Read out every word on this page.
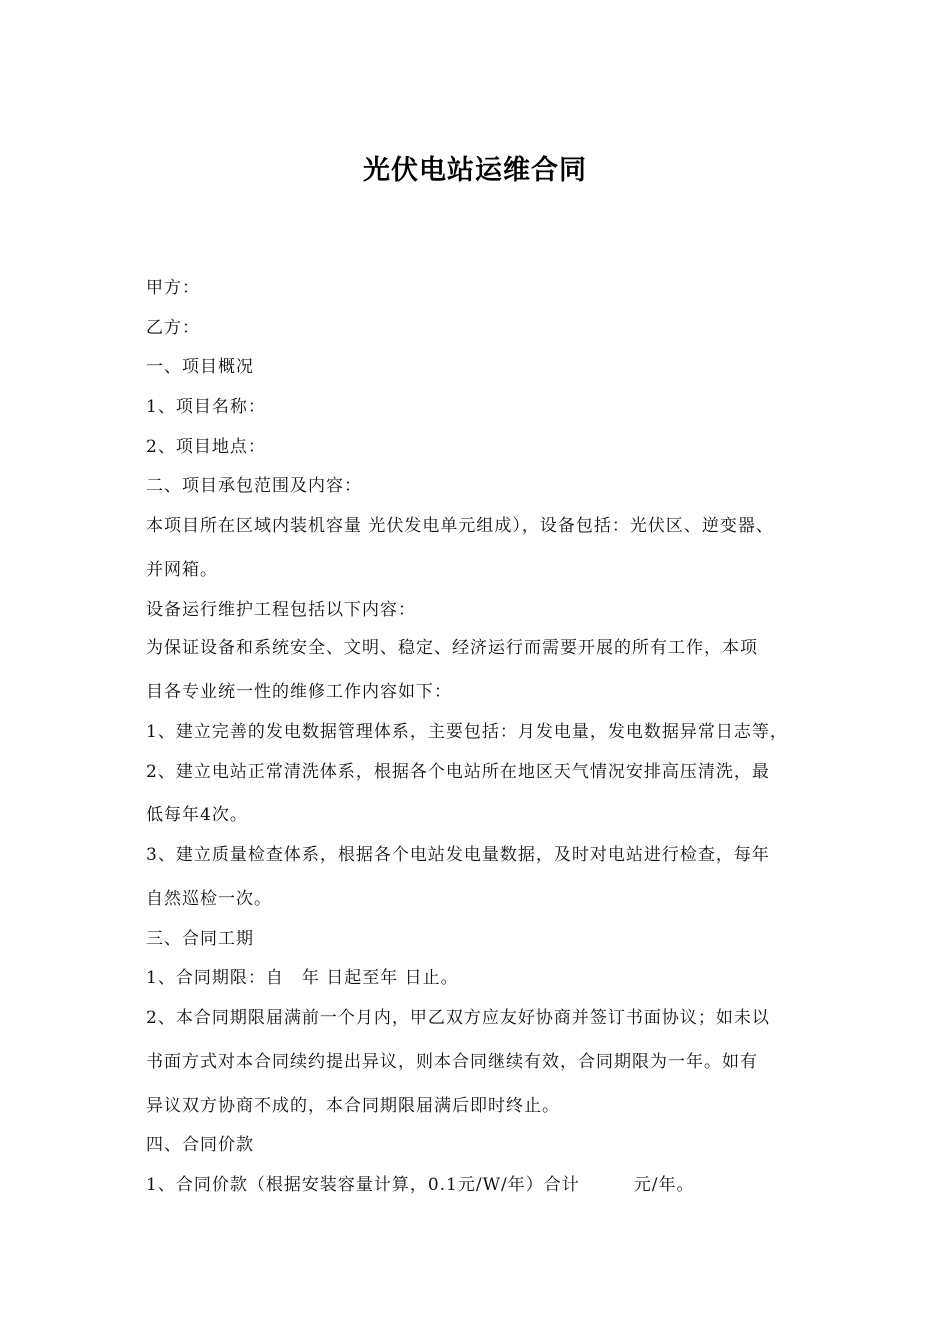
光伏电站运维合同
甲方：
乙方：
一、项目概况
1、项目名称：
2、项目地点：
二、项目承包范围及内容：
本项目所在区域内装机容量 光伏发电单元组成），设备包括：光伏区、逆变器、
并网箱。
设备运行维护工程包括以下内容：
为保证设备和系统安全、文明、稳定、经济运行而需要开展的所有工作，本项
目各专业统一性的维修工作内容如下：
1、建立完善的发电数据管理体系，主要包括：月发电量，发电数据异常日志等，
2、建立电站正常清洗体系，根据各个电站所在地区天气情况安排高压清洗，最
低每年4次。
3、建立质量检查体系，根据各个电站发电量数据，及时对电站进行检查，每年
自然巡检一次。
三、合同工期
1、合同期限：自　年 日起至年 日止。
2、本合同期限届满前一个月内，甲乙双方应友好协商并签订书面协议；如未以
书面方式对本合同续约提出异议，则本合同继续有效，合同期限为一年。如有
异议双方协商不成的，本合同期限届满后即时终止。
四、合同价款
1、合同价款（根据安装容量计算，0.1元/W/年）合计　　　元/年。
